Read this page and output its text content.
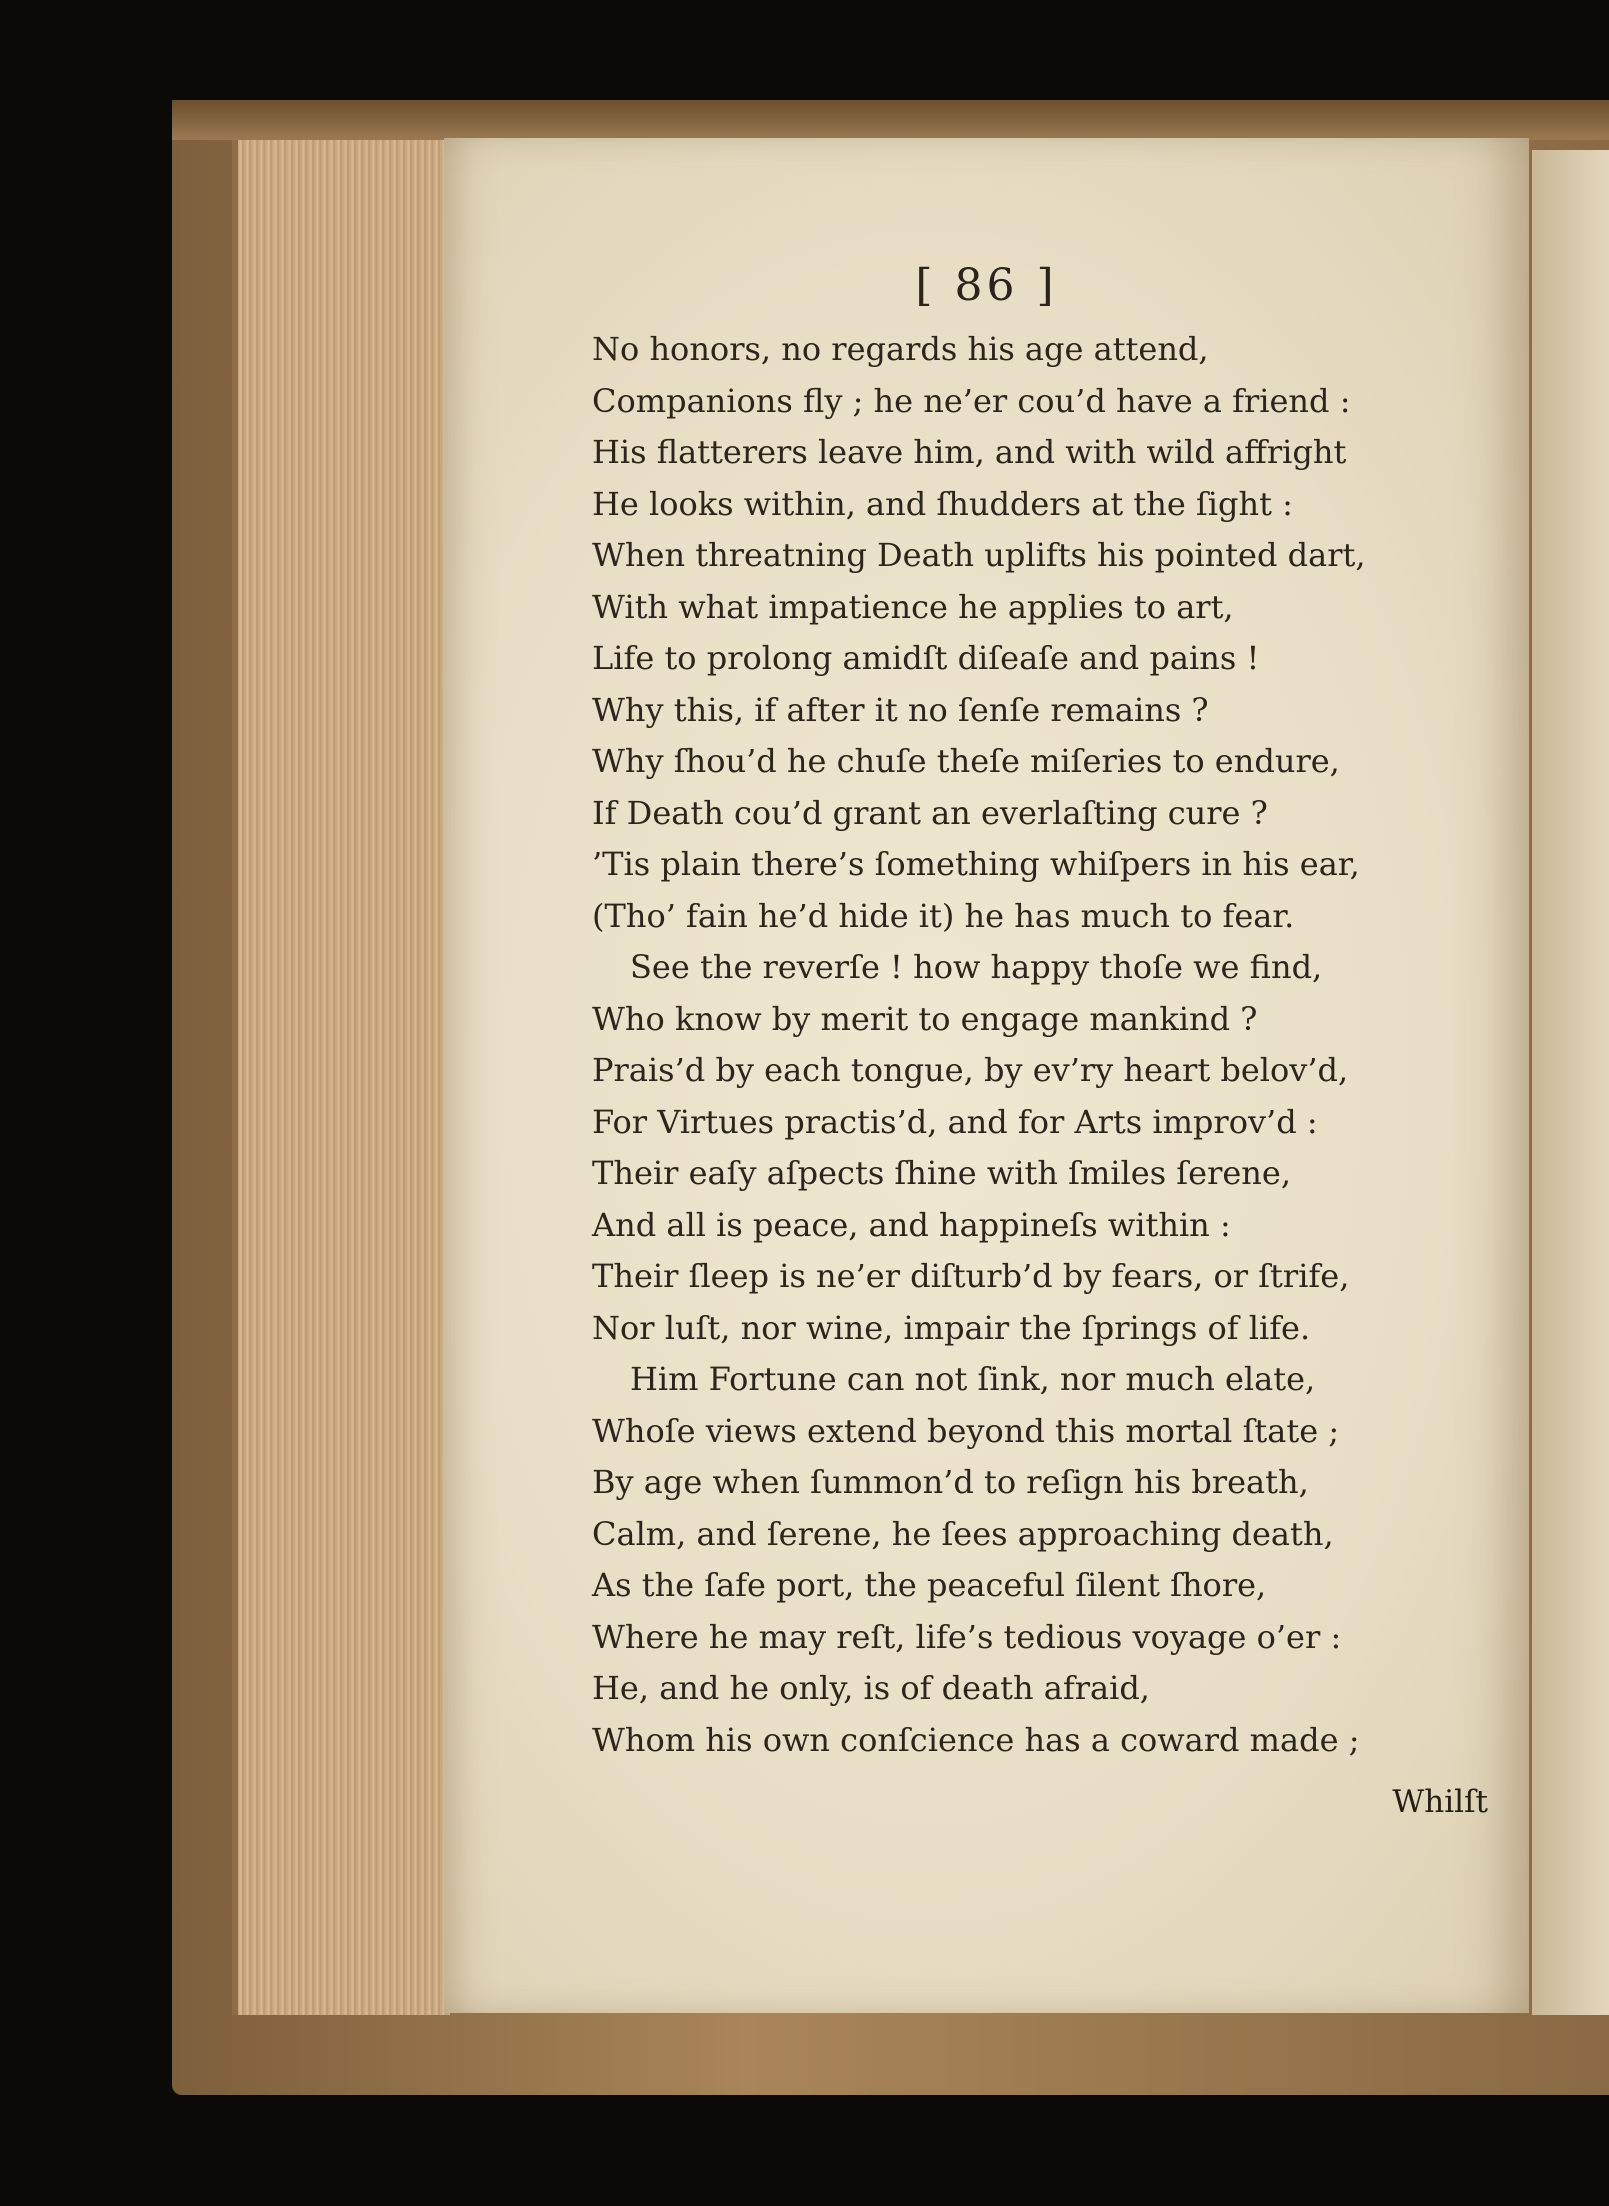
[ 86 ]
No honors, no regards his age attend,
Companions fly ; he ne’er cou’d have a friend :
His flatterers leave him, and with wild affright
He looks within, and ſhudders at the ſight :
When threatning Death uplifts his pointed dart,
With what impatience he applies to art,
Life to prolong amidſt diſeaſe and pains !
Why this, if after it no ſenſe remains ?
Why ſhou’d he chuſe theſe miſeries to endure,
If Death cou’d grant an everlaſting cure ?
’Tis plain there’s ſomething whiſpers in his ear,
(Tho’ fain he’d hide it) he has much to fear.
See the reverſe ! how happy thoſe we find,
Who know by merit to engage mankind ?
Prais’d by each tongue, by ev’ry heart belov’d,
For Virtues practis’d, and for Arts improv’d :
Their eaſy aſpects ſhine with ſmiles ſerene,
And all is peace, and happineſs within :
Their ſleep is ne’er diſturb’d by fears, or ſtrife,
Nor luſt, nor wine, impair the ſprings of life.
Him Fortune can not ſink, nor much elate,
Whoſe views extend beyond this mortal ſtate ;
By age when ſummon’d to reſign his breath,
Calm, and ſerene, he ſees approaching death,
As the ſafe port, the peaceful ſilent ſhore,
Where he may reſt, life’s tedious voyage o’er :
He, and he only, is of death afraid,
Whom his own conſcience has a coward made ;
Whilſt
